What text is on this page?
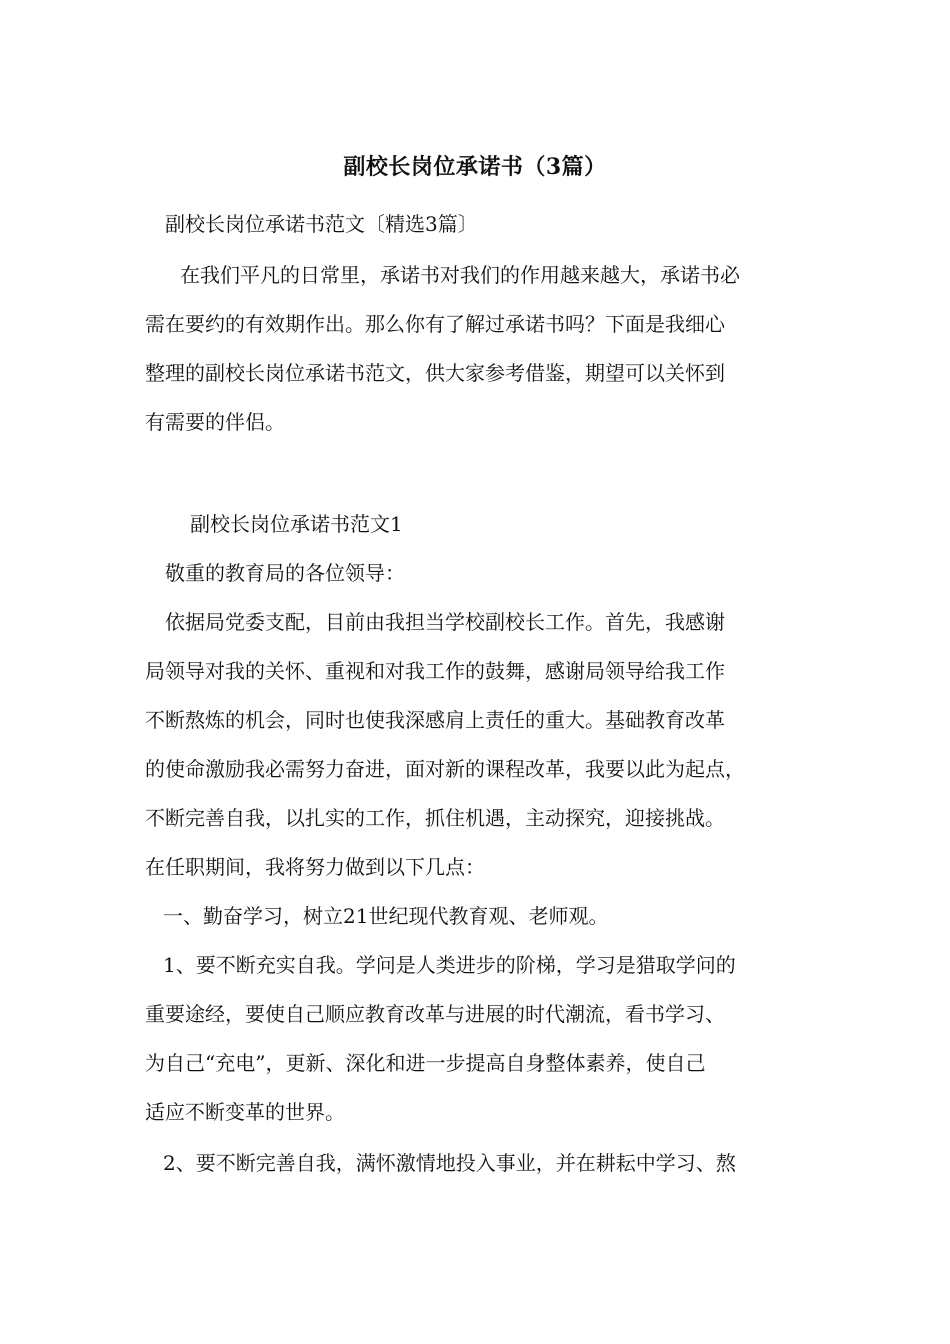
副校长岗位承诺书（3篇）

副校长岗位承诺书范文〔精选3篇〕

在我们平凡的日常里，承诺书对我们的作用越来越大，承诺书必

需在要约的有效期作出。那么你有了解过承诺书吗？下面是我细心

整理的副校长岗位承诺书范文，供大家参考借鉴，期望可以关怀到

有需要的伴侣。

副校长岗位承诺书范文1

敬重的教育局的各位领导：

依据局党委支配，目前由我担当学校副校长工作。首先，我感谢

局领导对我的关怀、重视和对我工作的鼓舞，感谢局领导给我工作

不断熬炼的机会，同时也使我深感肩上责任的重大。基础教育改革

的使命激励我必需努力奋进，面对新的课程改革，我要以此为起点，

不断完善自我，以扎实的工作，抓住机遇，主动探究，迎接挑战。

在任职期间，我将努力做到以下几点：

一、勤奋学习，树立21世纪现代教育观、老师观。

1、要不断充实自我。学问是人类进步的阶梯，学习是猎取学问的

重要途经，要使自己顺应教育改革与进展的时代潮流，看书学习、

为自己“充电”，更新、深化和进一步提高自身整体素养，使自己

适应不断变革的世界。

2、要不断完善自我，满怀激情地投入事业，并在耕耘中学习、熬
